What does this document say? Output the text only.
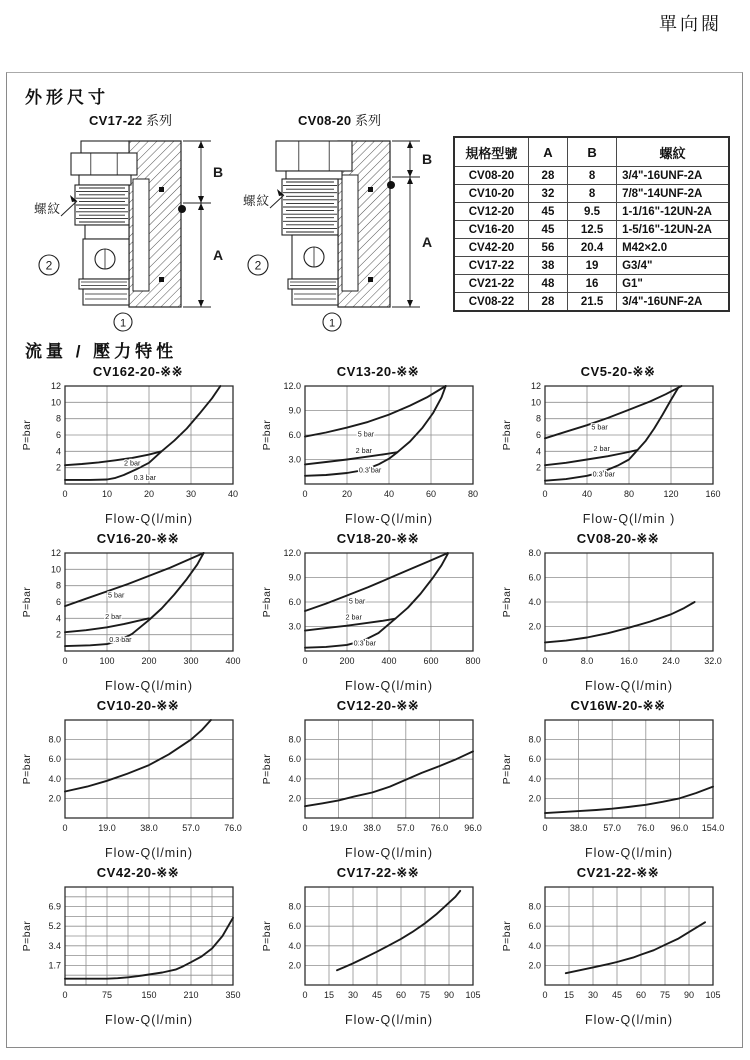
單向閥
外形尺寸
CV17-22 系列
B
A
螺紋
2
1
CV08-20 系列
B
A
螺紋
2
1
規格型號	A	B	螺紋
CV08-20	28	8	3/4"-16UNF-2A
CV10-20	32	8	7/8"-14UNF-2A
CV12-20	45	9.5	1-1/16"-12UN-2A
CV16-20	45	12.5	1-5/16"-12UN-2A
CV42-20	56	20.4	M42×2.0
CV17-22	38	19	G3/4"
CV21-22	48	16	G1"
CV08-22	28	21.5	3/4"-16UNF-2A
流量 / 壓力特性
CV162-20-※※
2
4
6
8
10
12
0	10	20	30	40
P=bar
Flow-Q(l/min)
2 bar
0.3 bar
CV13-20-※※
3.0
6.0
9.0
12.0
0	20	40	60	80
P=bar
Flow-Q(l/min)
5 bar
2 bar
0.3 bar
CV5-20-※※
2
4
6
8
10
12
0	40	80	120	160
P=bar
Flow-Q(l/min )
5 bar
2 bar
0.3 bar
CV16-20-※※
2
4
6
8
10
12
0	100	200	300	400
P=bar
Flow-Q(l/min)
5 bar
2 bar
0.3 bar
CV18-20-※※
3.0
6.0
9.0
12.0
0	200	400	600	800
P=bar
Flow-Q(l/min)
5 bar
2 bar
0.3 bar
CV08-20-※※
2.0
4.0
6.0
8.0
0	8.0	16.0	24.0	32.0
P=bar
Flow-Q(l/min)
CV10-20-※※
2.0
4.0
6.0
8.0
0	19.0	38.0	57.0	76.0
P=bar
Flow-Q(l/min)
CV12-20-※※
2.0
4.0
6.0
8.0
0 19.0 38.0 57.0 76.0 96.0
P=bar
Flow-Q(l/min)
CV16W-20-※※
2.0
4.0
6.0
8.0
0 38.0 57.0 76.0 96.0 154.0
P=bar
Flow-Q(l/min)
CV42-20-※※
1.7
3.4
5.2
6.9
0	75	150	210	350
P=bar
Flow-Q(l/min)
CV17-22-※※
2.0
4.0
6.0
8.0
0 15 30 45 60 75 90 105
P=bar
Flow-Q(l/min)
CV21-22-※※
2.0
4.0
6.0
8.0
0 15 30 45 60 75 90 105
P=bar
Flow-Q(l/min)
